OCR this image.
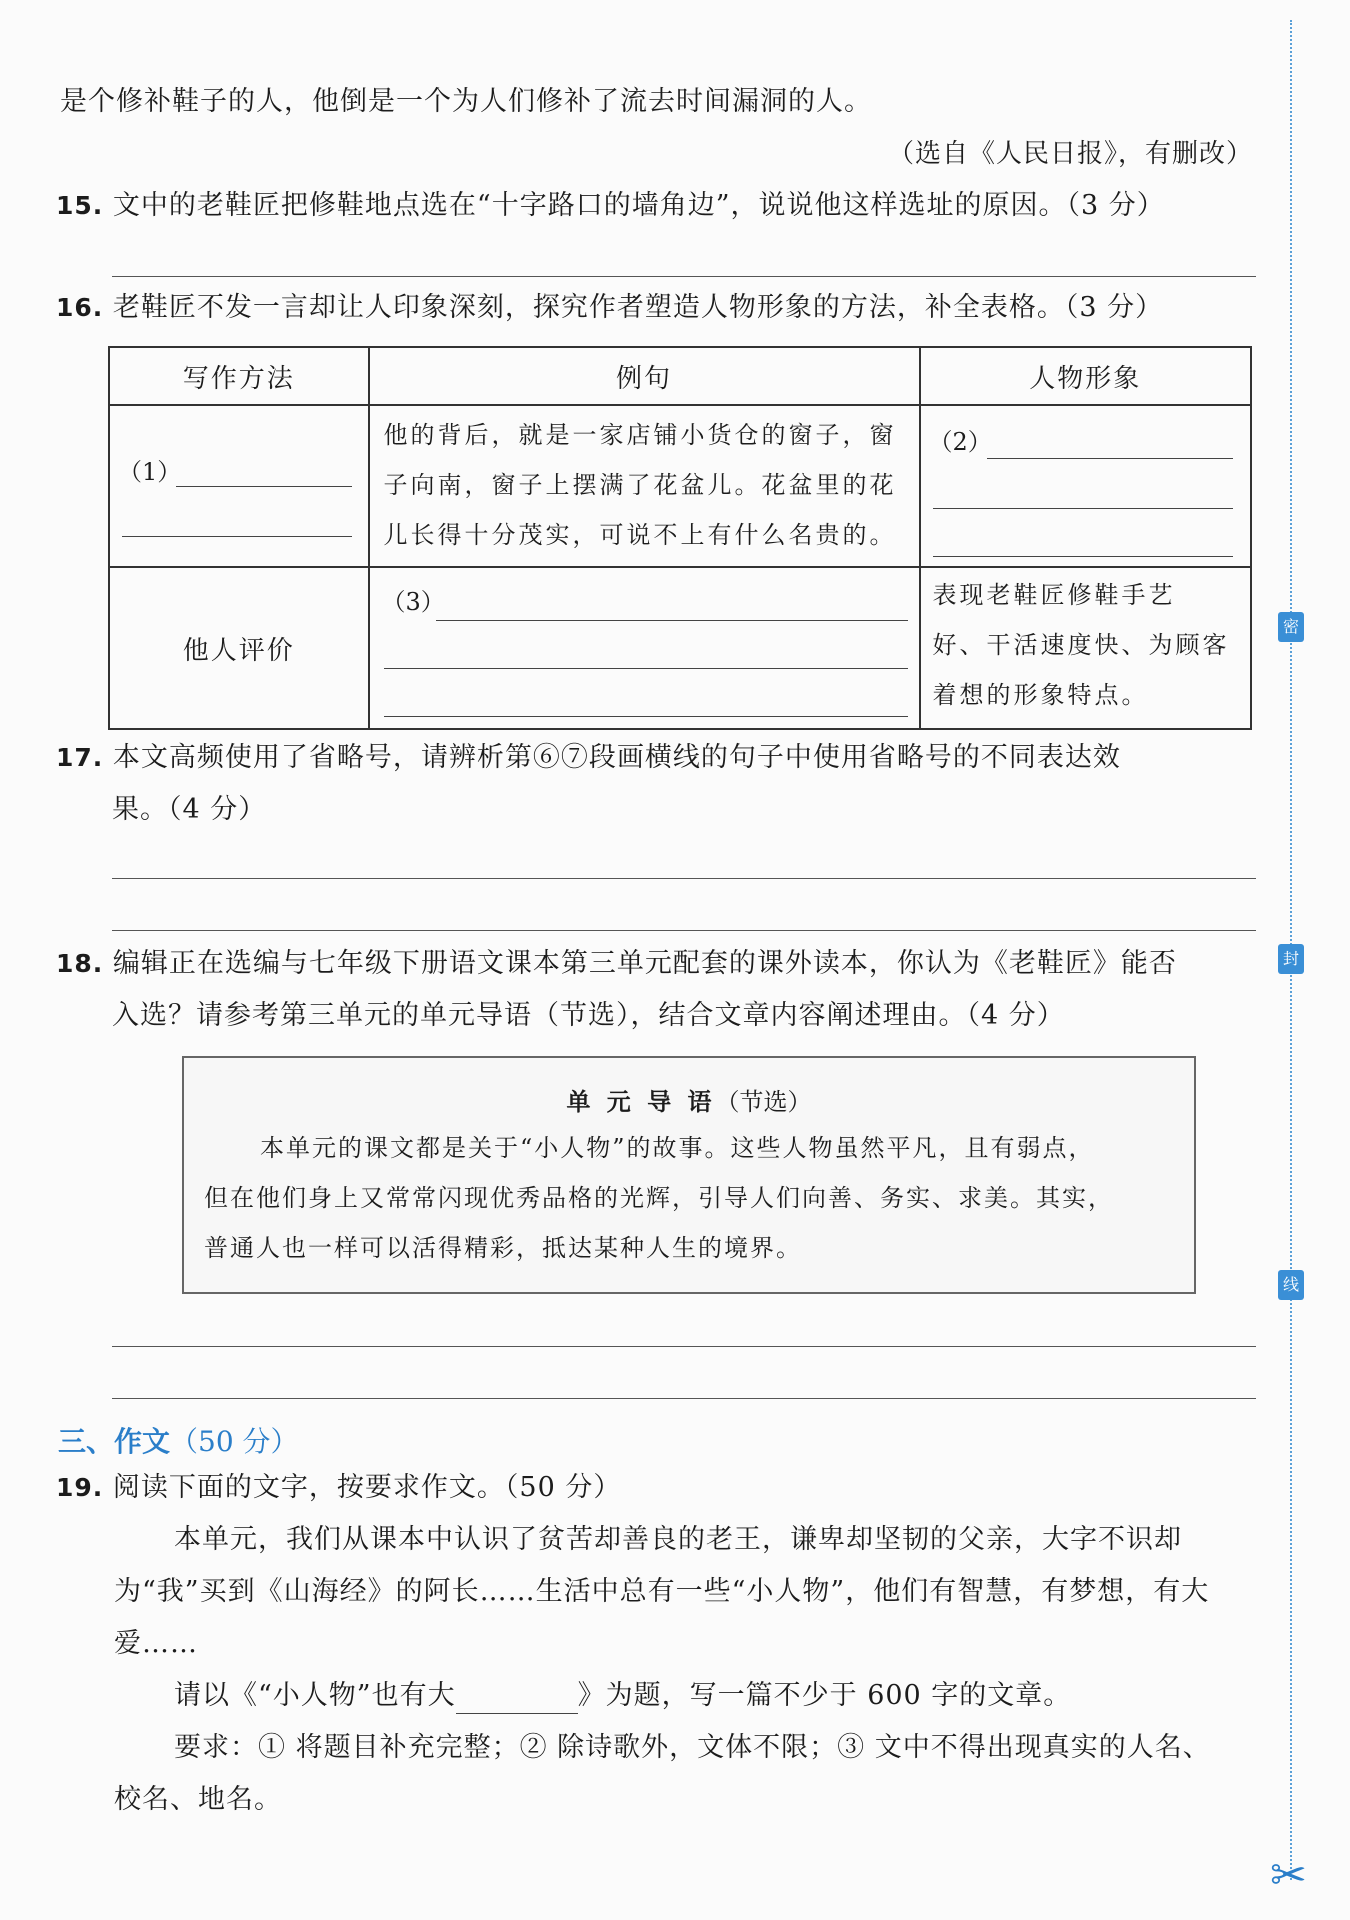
是个修补鞋子的人，他倒是一个为人们修补了流去时间漏洞的人。
（选自《人民日报》，有删改）
15. 文中的老鞋匠把修鞋地点选在“十字路口的墙角边”，说说他这样选址的原因。（3 分）
16. 老鞋匠不发一言却让人印象深刻，探究作者塑造人物形象的方法，补全表格。（3 分）
写作方法	例句	人物形象

（1）	他的背后，就是一家店铺小货仓的窗子，窗
子向南，窗子上摆满了花盆儿。花盆里的花
儿长得十分茂实，可说不上有什么名贵的。	（2）

他人评价	（3）	表现老鞋匠修鞋手艺
好、干活速度快、为顾客
着想的形象特点。
17. 本文高频使用了省略号，请辨析第⑥⑦段画横线的句子中使用省略号的不同表达效
果。（4 分）
18. 编辑正在选编与七年级下册语文课本第三单元配套的课外读本，你认为《老鞋匠》能否
入选？请参考第三单元的单元导语（节选），结合文章内容阐述理由。（4 分）
单 元 导 语（节选）
本单元的课文都是关于“小人物”的故事。这些人物虽然平凡，且有弱点，
但在他们身上又常常闪现优秀品格的光辉，引导人们向善、务实、求美。其实，
普通人也一样可以活得精彩，抵达某种人生的境界。
三、作文（50 分）
19. 阅读下面的文字，按要求作文。（50 分）
本单元，我们从课本中认识了贫苦却善良的老王，谦卑却坚韧的父亲，大字不识却
为“我”买到《山海经》的阿长……生活中总有一些“小人物”，他们有智慧，有梦想，有大
爱……
请以《“小人物”也有大	》为题，写一篇不少于 600 字的文章。
要求：① 将题目补充完整；② 除诗歌外，文体不限；③ 文中不得出现真实的人名、
校名、地名。
密
封
线
✂
